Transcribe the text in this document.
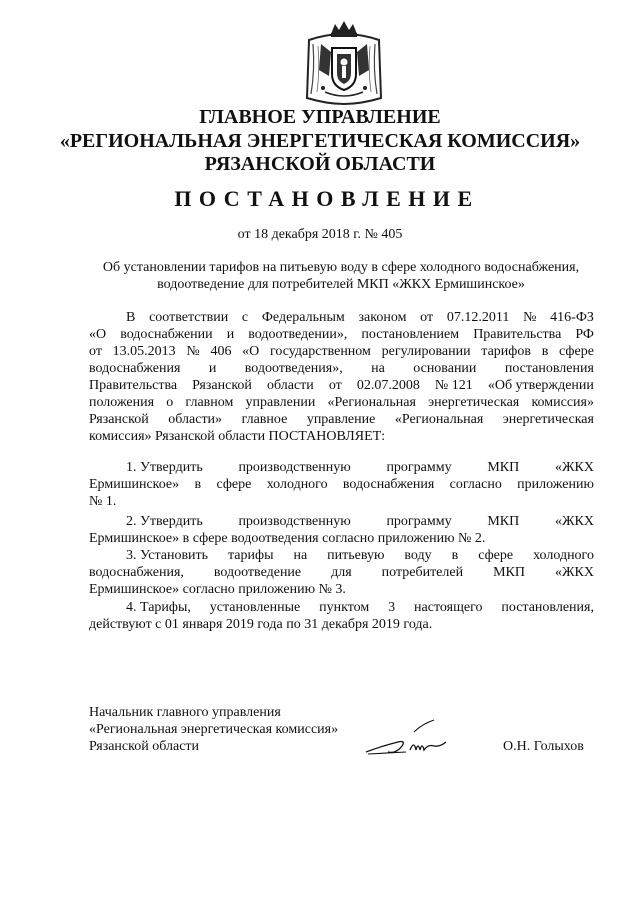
ГЛАВНОЕ УПРАВЛЕНИЕ
«РЕГИОНАЛЬНАЯ ЭНЕРГЕТИЧЕСКАЯ КОМИССИЯ»
РЯЗАНСКОЙ ОБЛАСТИ
ПОСТАНОВЛЕНИЕ
от 18 декабря 2018 г. № 405
Об установлении тарифов на питьевую воду в сфере холодного водоснабжения,
водоотведение для потребителей МКП «ЖКХ Ермишинское»
В соответствии с Федеральным законом от 07.12.2011 № 416-ФЗ
«О водоснабжении и водоотведении», постановлением Правительства РФ
от 13.05.2013 № 406 «О государственном регулировании тарифов в сфере
водоснабжения и водоотведения», на основании постановления
Правительства Рязанской области от 02.07.2008 № 121 «Об утверждении
положения о главном управлении «Региональная энергетическая комиссия»
Рязанской области» главное управление «Региональная энергетическая
комиссия» Рязанской области ПОСТАНОВЛЯЕТ:
1. Утвердить	производственную	программу	МКП	«ЖКХ
Ермишинское» в сфере холодного водоснабжения согласно приложению
№ 1.
2. Утвердить	производственную	программу	МКП	«ЖКХ
Ермишинское» в сфере водоотведения согласно приложению № 2.
3. Установить тарифы на питьевую воду в сфере холодного
водоснабжения, водоотведение для потребителей МКП «ЖКХ
Ермишинское» согласно приложению № 3.
4. Тарифы, установленные пунктом 3 настоящего постановления,
действуют с 01 января 2019 года по 31 декабря 2019 года.
Начальник главного управления
«Региональная энергетическая комиссия»
Рязанской области	О.Н. Голыхов
